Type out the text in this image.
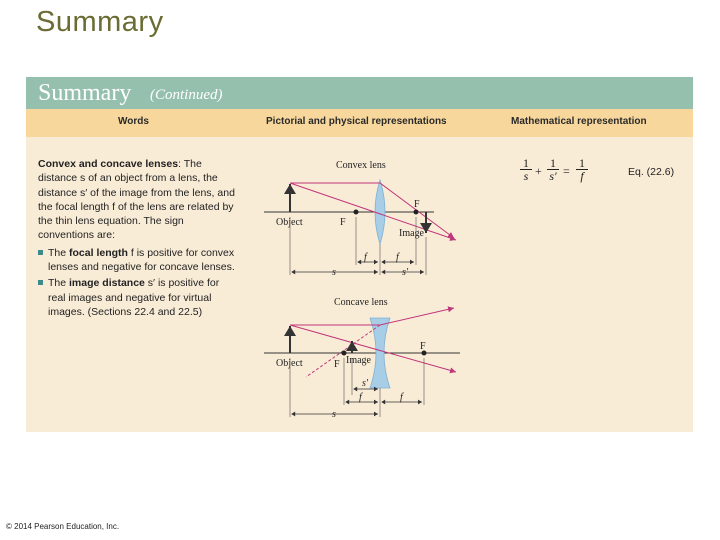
Summary
Summary (Continued)
Words	Pictorial and physical representations	Mathematical representation

Convex and concave lenses: The distance s of an object from a lens, the distance s′ of the image from the lens, and the focal length f of the lens are related by the thin lens equation. The sign conventions are:

The focal length f is positive for convex lenses and negative for concave lenses.
The image distance s′ is positive for real images and negative for virtual images. (Sections 22.4 and 22.5)
$\frac{1}{s} + \frac{1}{s'} = \frac{1}{f}$	Eq. (22.6)
Convex lens
Object	F
F
Image
f	f
s	s′
Concave lens
Object	F
F
Image
s′
f	f
s
© 2014 Pearson Education, Inc.
